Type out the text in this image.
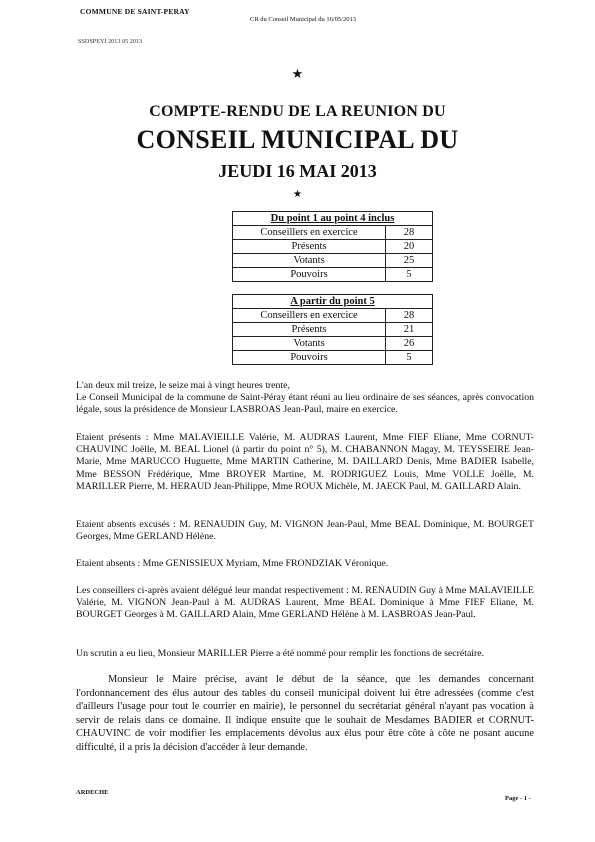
COMMUNE DE SAINT-PERAY
CR du Conseil Municipal du 16/05/2013
SSDSPEYI 2013 05 2013
★
COMPTE-RENDU DE LA REUNION DU
CONSEIL MUNICIPAL DU
JEUDI 16 MAI 2013
★
Du point 1 au point 4 inclus	
Conseillers en exercice	28
Présents	20
Votants	25
Pouvoirs	5
A partir du point 5	
Conseillers en exercice	28
Présents	21
Votants	26
Pouvoirs	5

L'an deux mil treize, le seize mai à vingt heures trente,

Le Conseil Municipal de la commune de Saint-Péray étant réuni au lieu ordinaire de ses séances, après convocation légale, sous la présidence de Monsieur LASBROAS Jean-Paul, maire en exercice.

Etaient présents : Mme MALAVIEILLE Valérie, M. AUDRAS Laurent, Mme FIEF Eliane, Mme CORNUT-CHAUVINC Joëlle, M. BEAL Lionel (à partir du point n° 5), M. CHABANNON Magay, M. TEYSSEIRE Jean-Marie, Mme MARUCCO Huguette, Mme MARTIN Catherine, M. DAILLARD Denis, Mme BADIER Isabelle, Mme BESSON Frédérique, Mme BROYER Martine, M. RODRIGUEZ Louis, Mme VOLLE Joëlle, M. MARILLER Pierre, M. HERAUD Jean-Philippe, Mme ROUX Michèle, M. JAECK Paul, M. GAILLARD Alain.
Etaient absents excusés : M. RENAUDIN Guy, M. VIGNON Jean-Paul, Mme BEAL Dominique, M. BOURGET Georges, Mme GERLAND Hélène.
Etaient absents : Mme GENISSIEUX Myriam, Mme FRONDZIAK Véronique.
Les conseillers ci-après avaient délégué leur mandat respectivement : M. RENAUDIN Guy à Mme MALAVIEILLE Valérie, M. VIGNON Jean-Paul à M. AUDRAS Laurent, Mme BEAL Dominique à Mme FIEF Eliane, M. BOURGET Georges à M. GAILLARD Alain, Mme GERLAND Hélène à M. LASBROAS Jean-Paul.
Un scrutin a eu lieu, Monsieur MARILLER Pierre a été nommé pour remplir les fonctions de secrétaire.
Monsieur le Maire précise, avant le début de la séance, que les demandes concernant l'ordonnancement des élus autour des tables du conseil municipal doivent lui être adressées (comme c'est d'ailleurs l'usage pour tout le courrier en mairie), le personnel du secrétariat général n'ayant pas vocation à servir de relais dans ce domaine. Il indique ensuite que le souhait de Mesdames BADIER et CORNUT-CHAUVINC de voir modifier les emplacements dévolus aux élus pour être côte à côte ne posant aucune difficulté, il a pris la décision d'accéder à leur demande.
ARDECHE
Page - 1 -
